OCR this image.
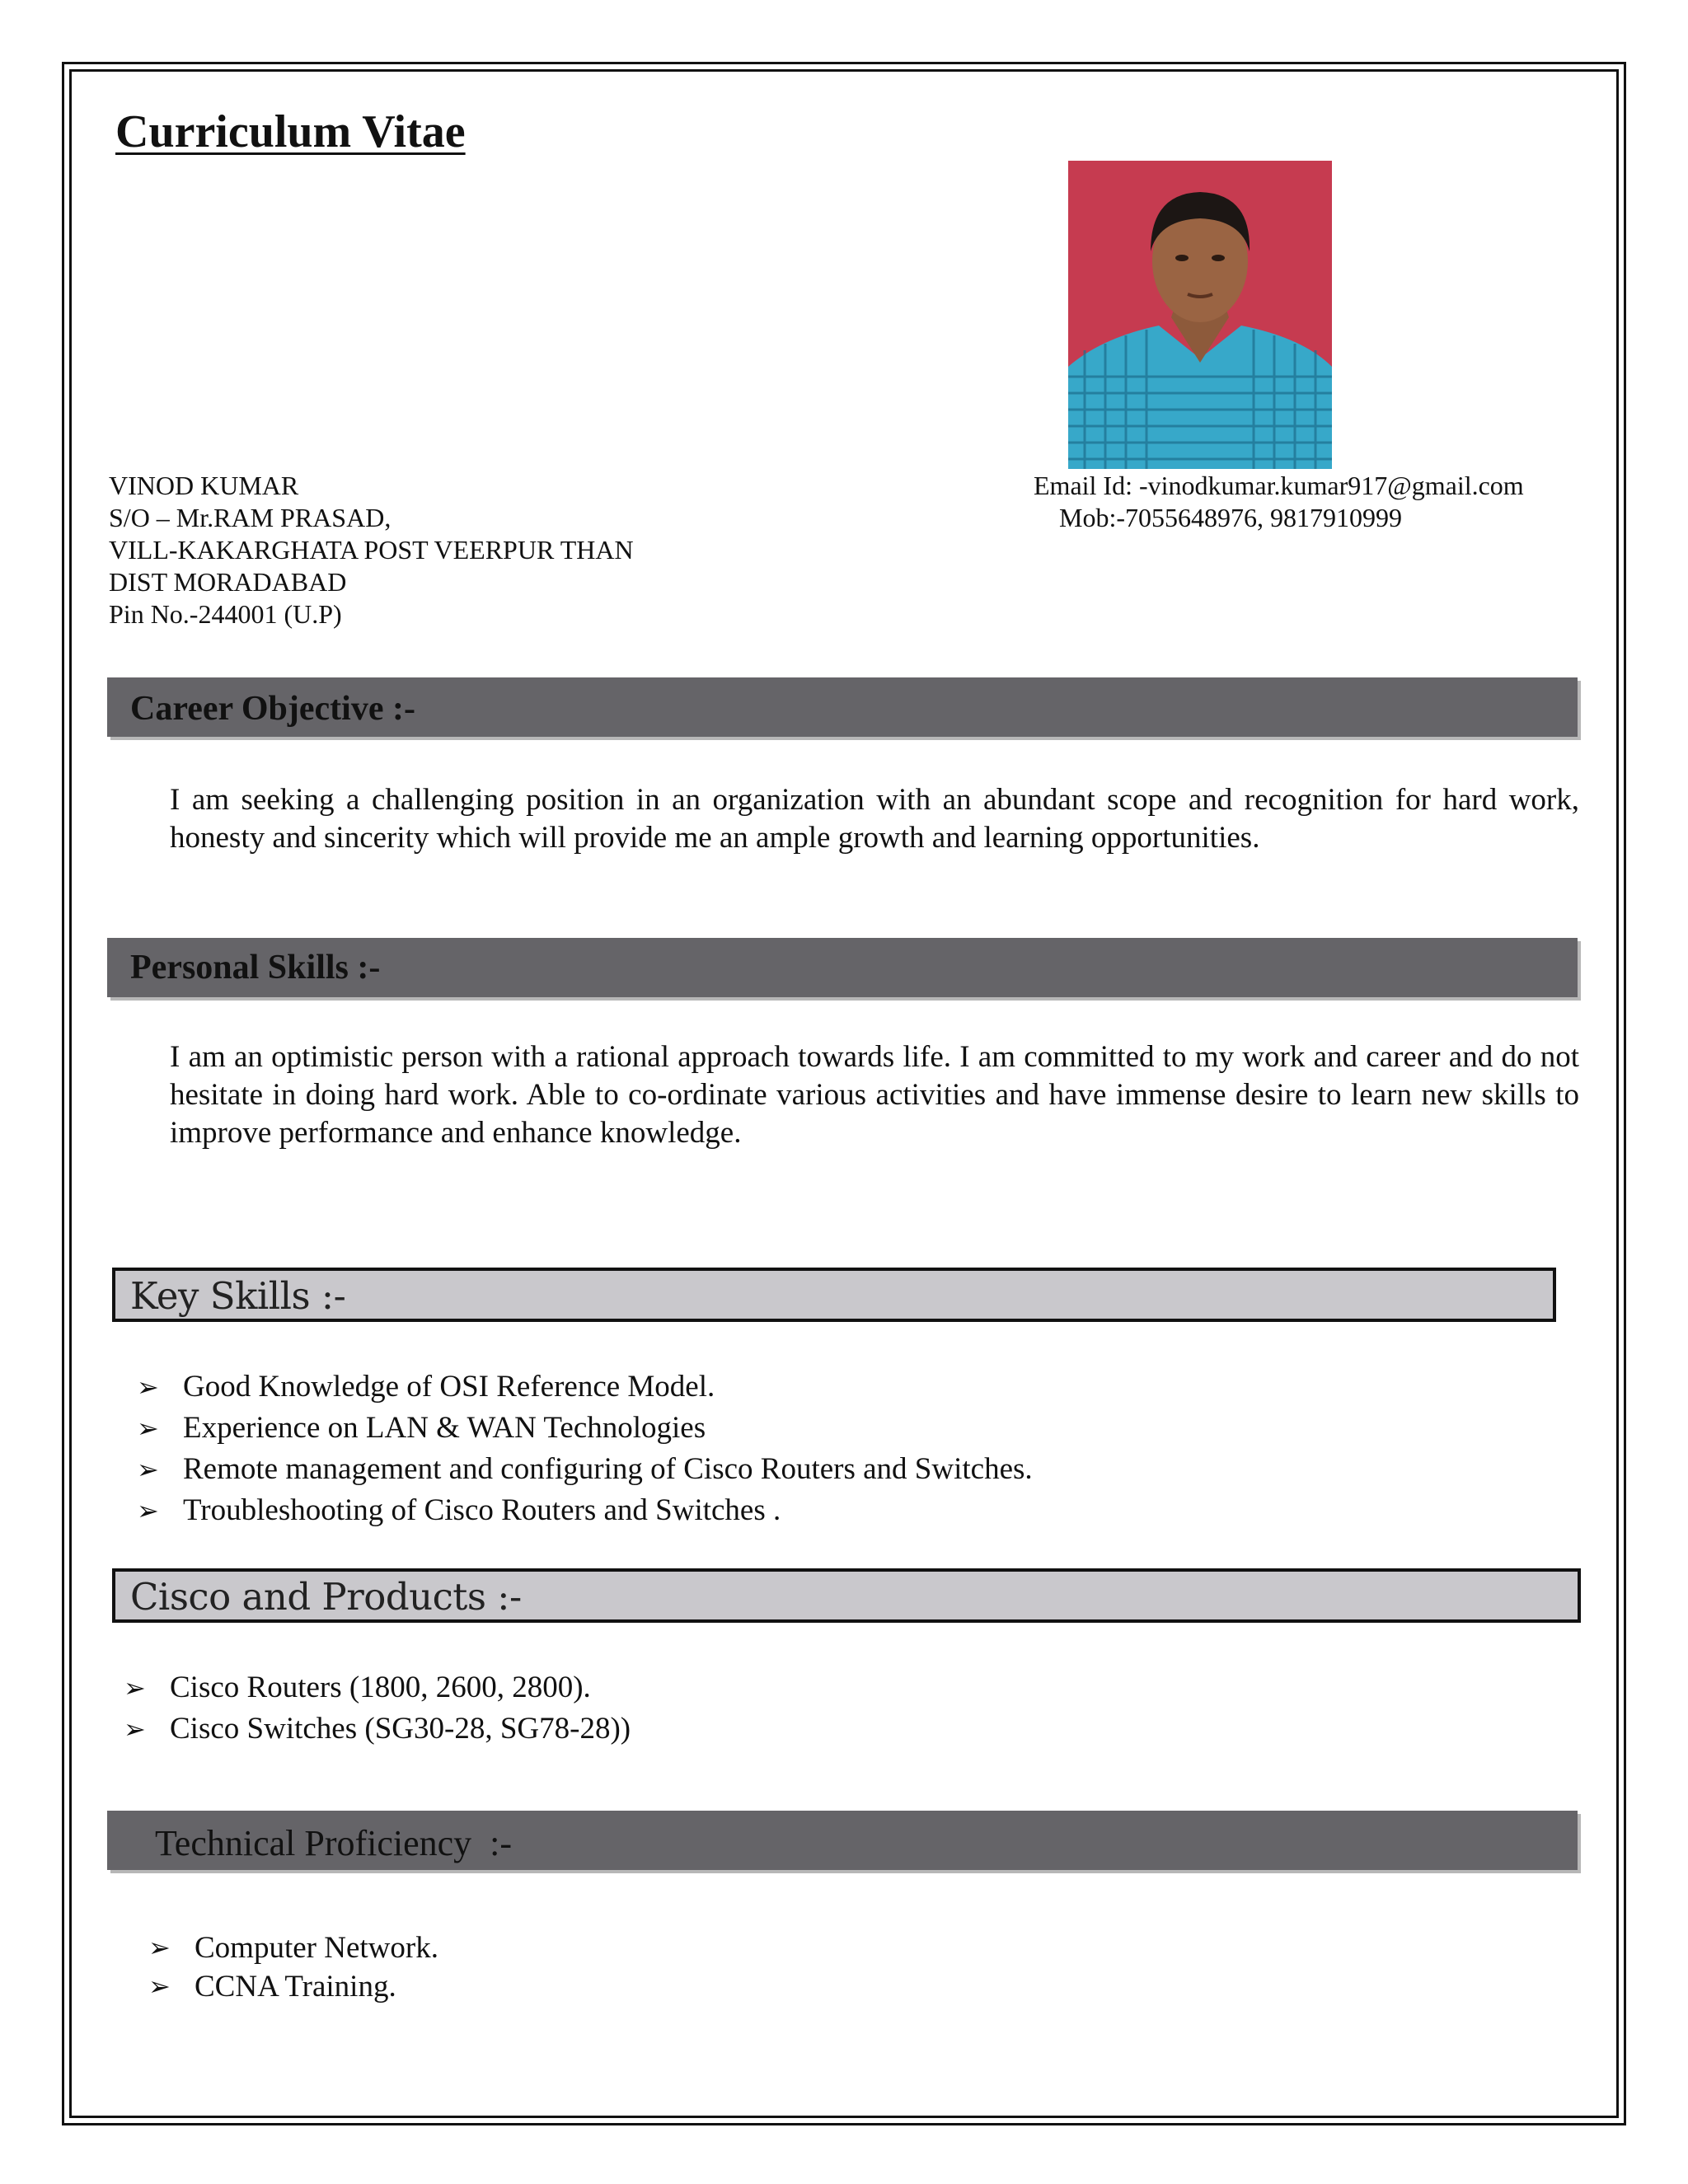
Curriculum Vitae
VINOD KUMAR
S/O – Mr.RAM PRASAD,
VILL-KAKARGHATA POST VEERPUR THAN
DIST MORADABAD
Pin No.-244001 (U.P)
Email Id: -vinodkumar.kumar917@gmail.com
Mob:-7055648976, 9817910999
Career Objective :-
I am seeking a challenging position in an organization with an abundant scope and recognition for hard work, honesty and sincerity which will provide me an ample growth and learning opportunities.
Personal Skills :-
I am an optimistic person with a rational approach towards life. I am committed to my work and career and do not hesitate in doing hard work. Able to co-ordinate various activities and have immense desire to learn new skills to improve performance and enhance knowledge.
Key Skills :-
➢ Good Knowledge of OSI Reference Model.
➢ Experience on LAN & WAN Technologies
➢ Remote management and configuring of Cisco Routers and Switches.
➢ Troubleshooting of Cisco Routers and Switches .
Cisco and Products :-
➢ Cisco Routers (1800, 2600, 2800).
➢ Cisco Switches (SG30-28, SG78-28))
Technical Proficiency  :-
➢ Computer Network.
➢ CCNA Training.
